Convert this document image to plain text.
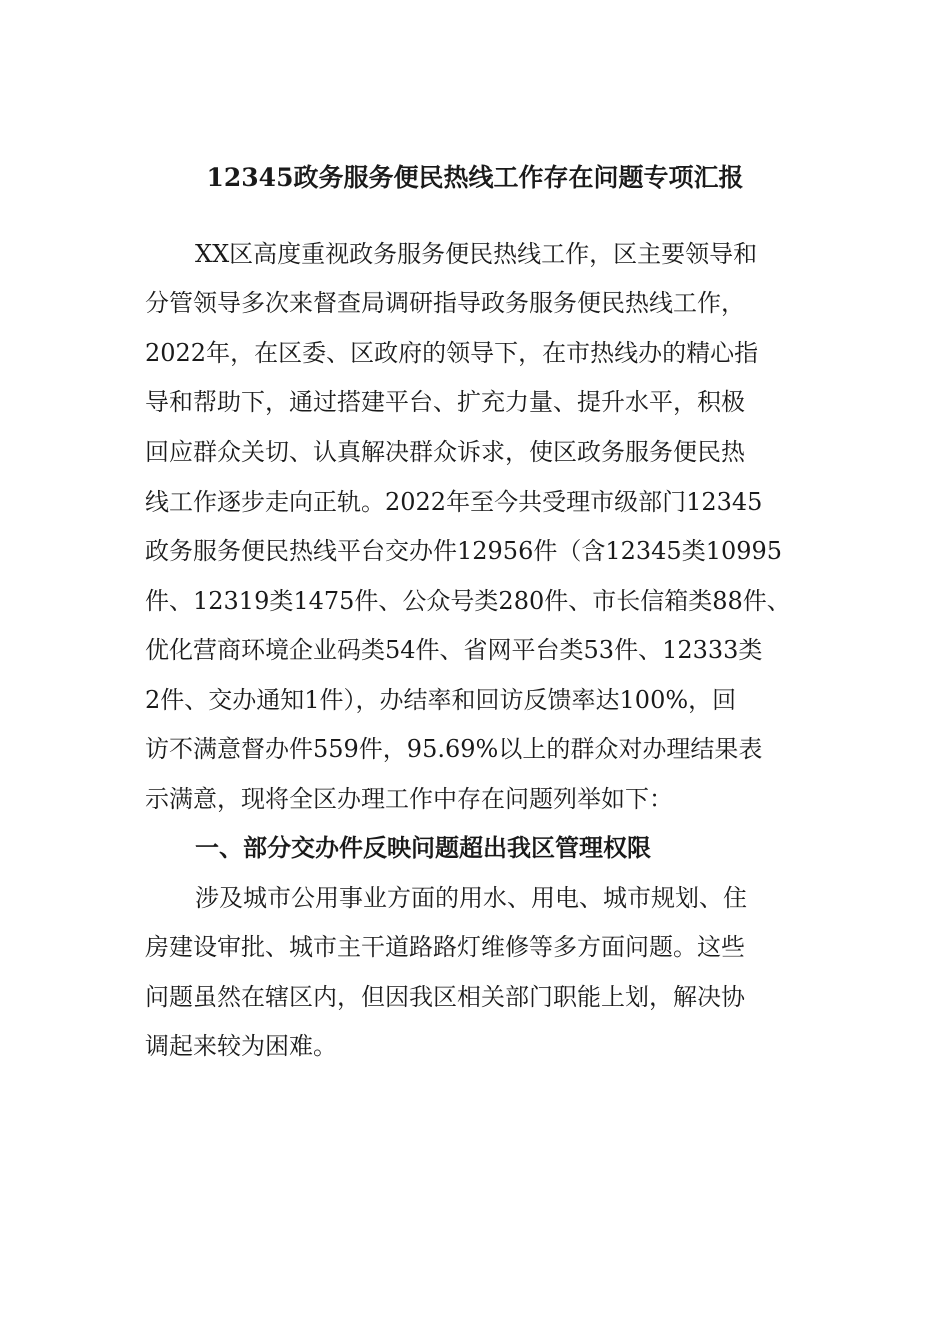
12345政务服务便民热线工作存在问题专项汇报

XX区高度重视政务服务便民热线工作，区主要领导和

分管领导多次来督查局调研指导政务服务便民热线工作，

2022年，在区委、区政府的领导下，在市热线办的精心指

导和帮助下，通过搭建平台、扩充力量、提升水平，积极

回应群众关切、认真解决群众诉求，使区政务服务便民热

线工作逐步走向正轨。2022年至今共受理市级部门12345

政务服务便民热线平台交办件12956件（含12345类10995

件、12319类1475件、公众号类280件、市长信箱类88件、

优化营商环境企业码类54件、省网平台类53件、12333类

2件、交办通知1件），办结率和回访反馈率达100%，回

访不满意督办件559件，95.69%以上的群众对办理结果表

示满意，现将全区办理工作中存在问题列举如下：

一、部分交办件反映问题超出我区管理权限

涉及城市公用事业方面的用水、用电、城市规划、住

房建设审批、城市主干道路路灯维修等多方面问题。这些

问题虽然在辖区内，但因我区相关部门职能上划，解决协

调起来较为困难。
